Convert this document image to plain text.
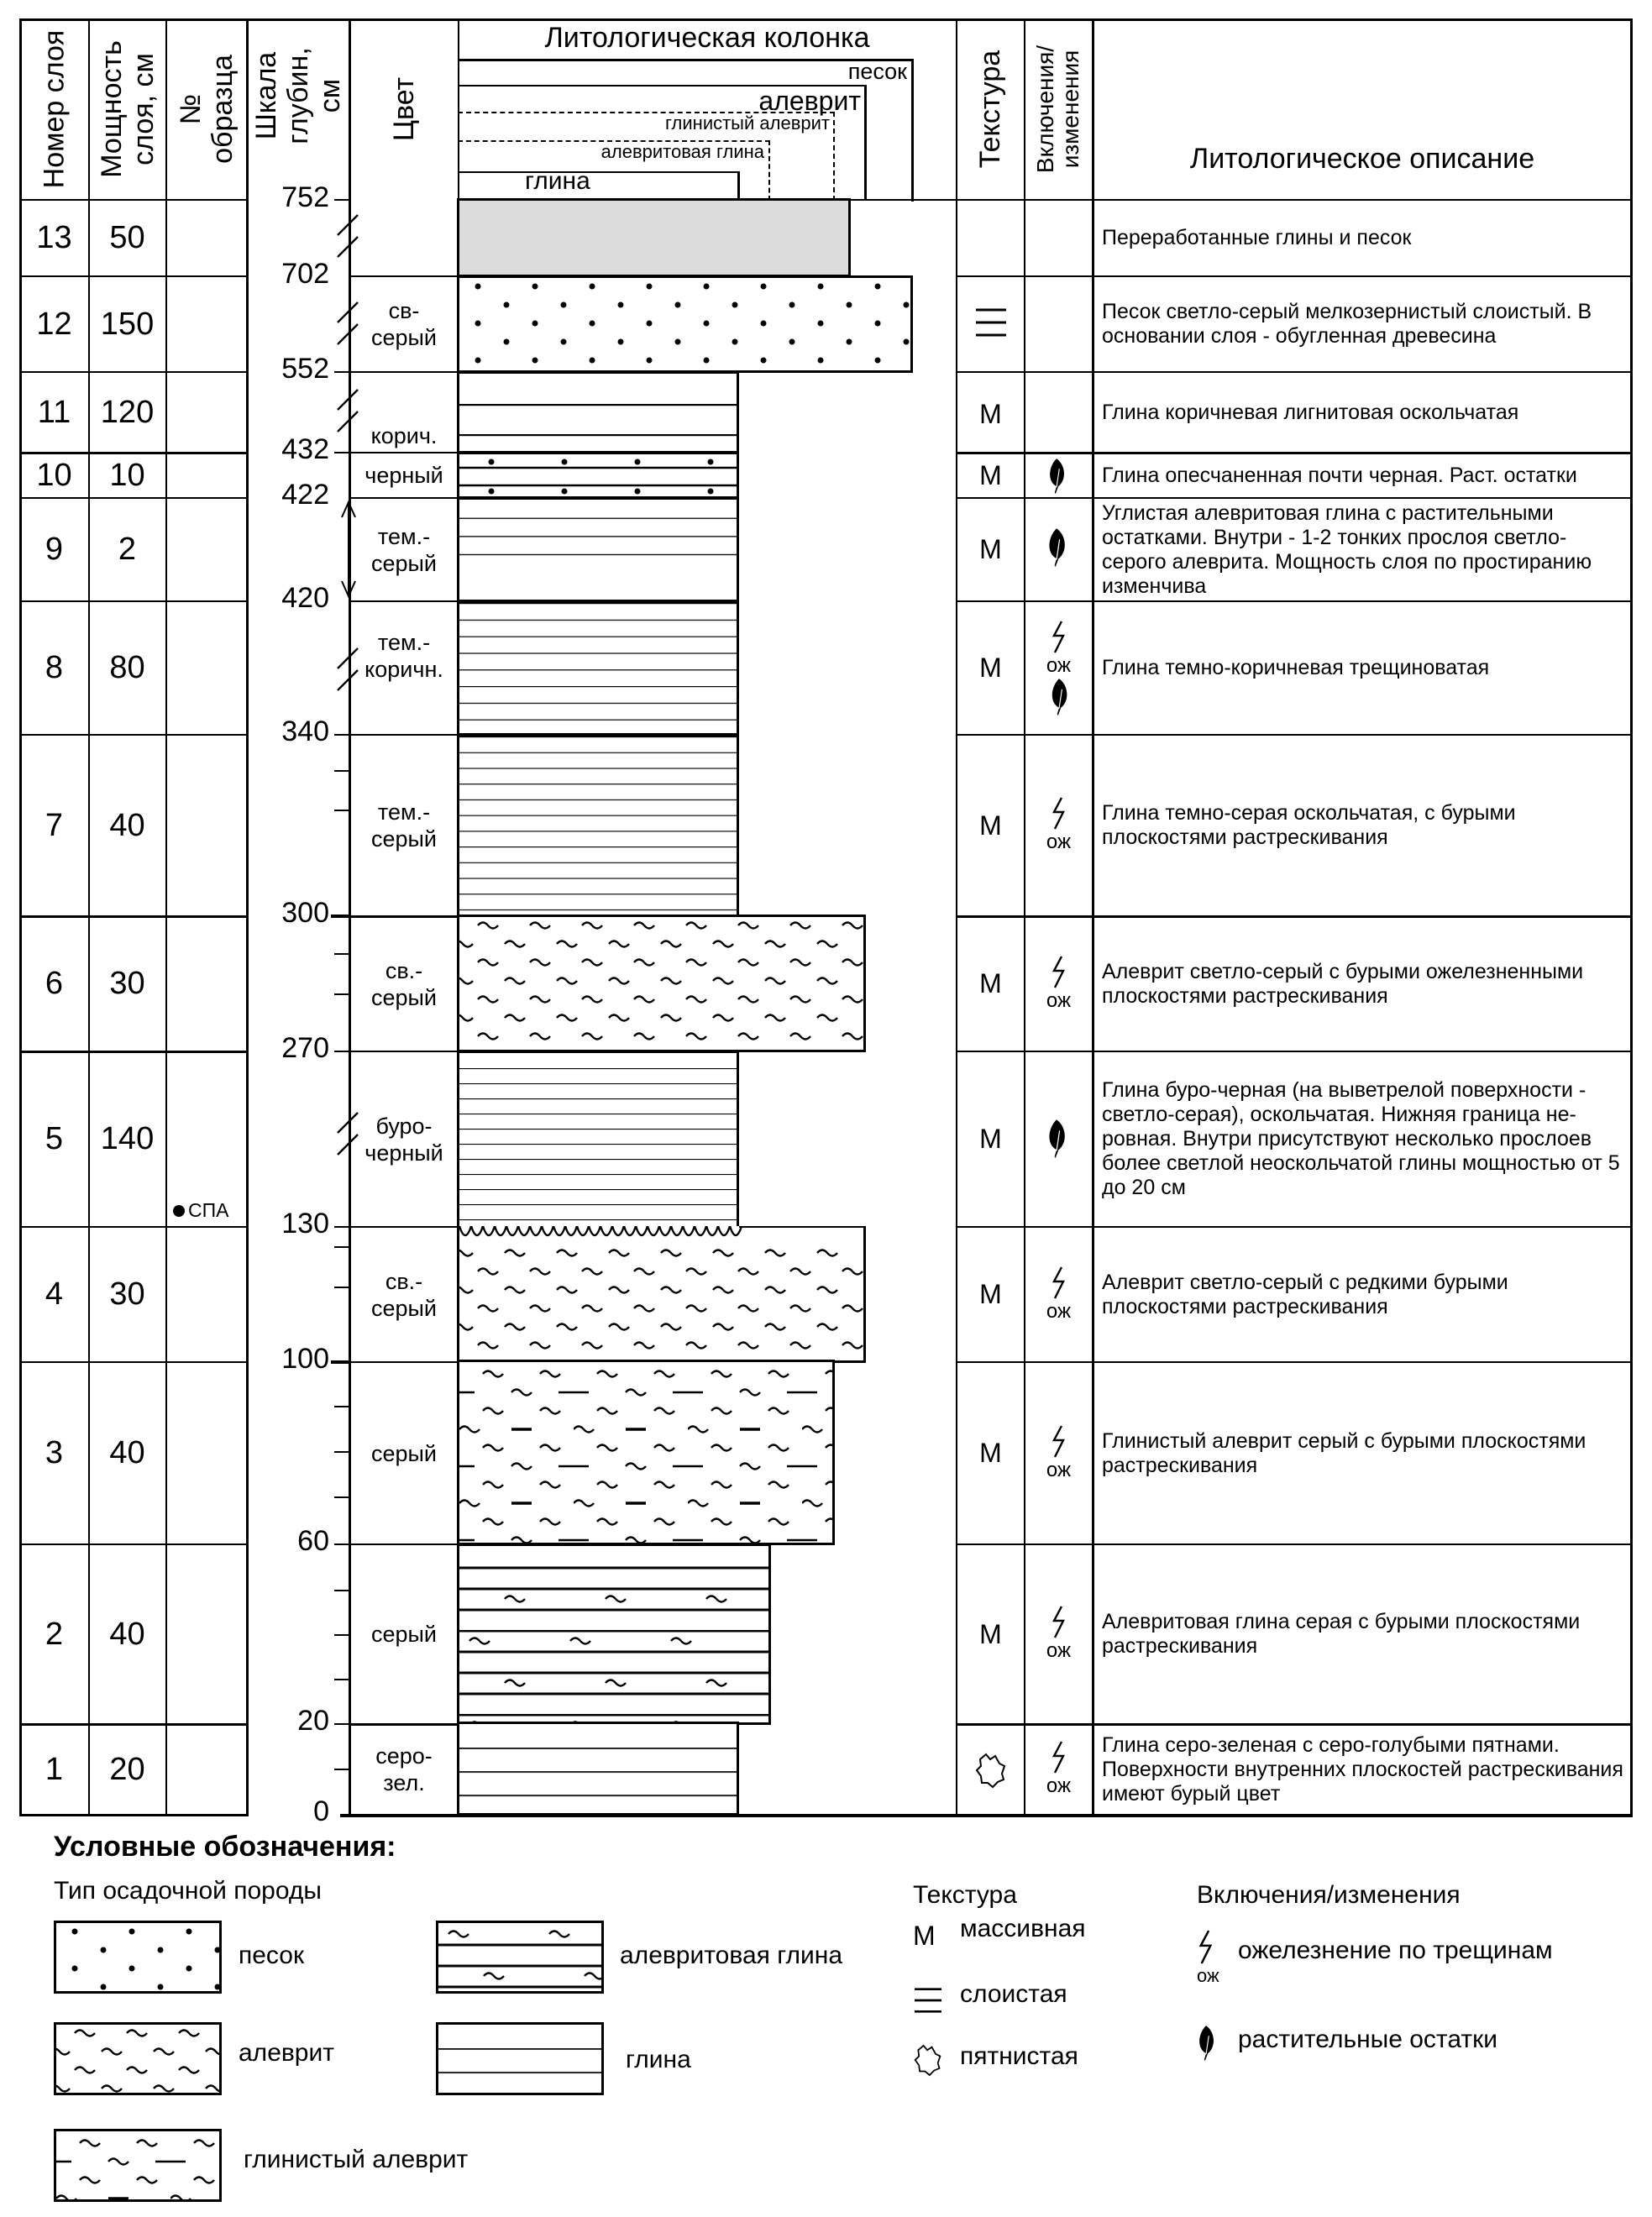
Номер слоя Мощность слоя, см № образца Шкала глубин, см Цвет
Литологическая колонка
Текстура Включения/ изменения	Литологическое описание
песок
алеврит
глинистый алеврит
алевритовая глина
глина
13
12
11
10
9
8
7
6
5
4
3
2
1
50
150
120
10
2
80
40
30
140
30
40
40
20
СПА
752
702
552
432
422
420
340
300
270
130
100
60
20
0
св-
серый
корич.
черный
тем.-
серый
тем.-
коричн.
тем.-
серый
св.-
серый
буро-
черный
св.-
серый
серый
серый
серо-
зел.
М
М
М
М
М
М
М
М
М
М
ож
ож
ож
ож
ож
ож
ож
Переработанные глины и песок
Песок светло-серый мелкозернистый слоистый. В основании слоя - обугленная древесина
Глина коричневая лигнитовая оскольчатая
Глина опесчаненная почти черная. Раст. остатки
Углистая алевритовая глина с растительными остатками. Внутри - 1-2 тонких прослоя светло-серого алеврита. Мощность слоя по простиранию изменчива
Глина темно-коричневая трещиноватая
Глина темно-серая оскольчатая, с бурыми плоскостями растрескивания
Алеврит светло-серый с бурыми ожелезненными плоскостями растрескивания
Глина буро-черная (на выветрелой поверхности - светло-серая), оскольчатая. Нижняя граница не-ровная. Внутри присутствуют несколько прослоев более светлой неоскольчатой глины мощностью от 5 до 20 см
Алеврит светло-серый с редкими бурыми плоскостями растрескивания
Глинистый алеврит серый с бурыми плоскостями растрескивания
Алевритовая глина серая с бурыми плоскостями растрескивания
Глина серо-зеленая с серо-голубыми пятнами. Поверхности внутренних плоскостей растрескивания имеют бурый цвет
Условные обозначения:
Тип осадочной породы
песок
алеврит
глинистый алеврит
алевритовая глина
глина
Текстура
М массивная
слоистая
пятнистая
Включения/изменения
ож
ожелезнение по трещинам
растительные остатки
